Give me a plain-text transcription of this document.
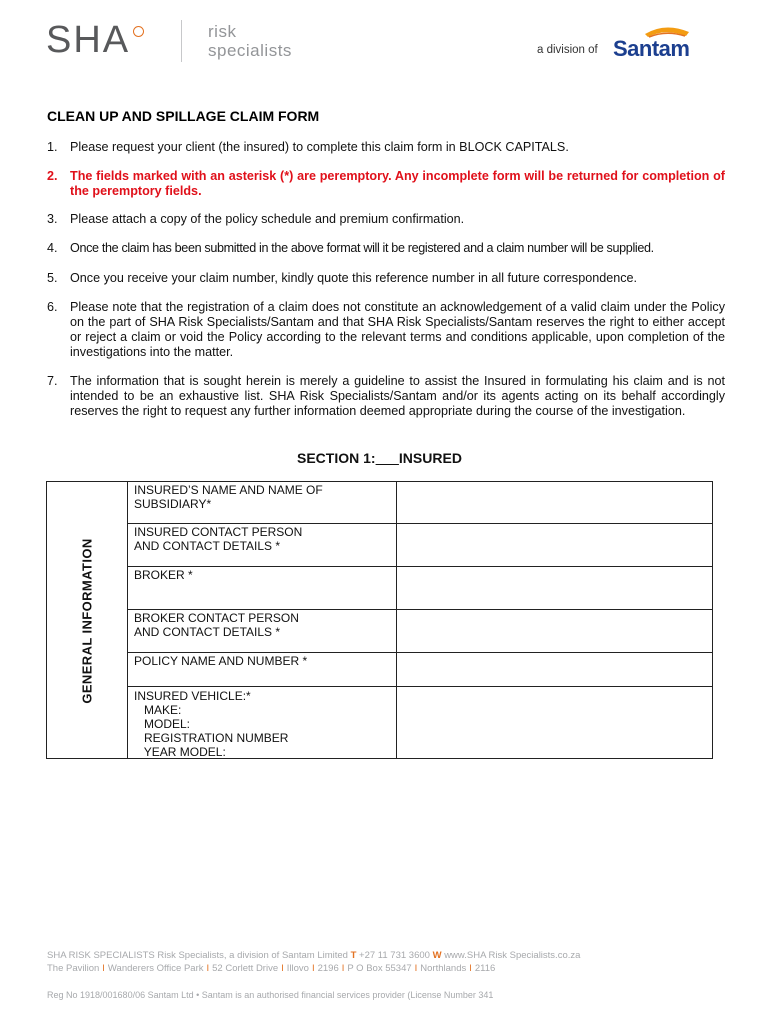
SHA	risk
specialists	a division of Santam
CLEAN UP AND SPILLAGE CLAIM FORM
1. Please request your client (the insured) to complete this claim form in BLOCK CAPITALS.
2. The fields marked with an asterisk (*) are peremptory. Any incomplete form will be returned for completion of the peremptory fields.
3. Please attach a copy of the policy schedule and premium confirmation.
4. Once the claim has been submitted in the above format will it be registered and a claim number will be supplied.
5. Once you receive your claim number, kindly quote this reference number in all future correspondence.
6. Please note that the registration of a claim does not constitute an acknowledgement of a valid claim under the Policy on the part of SHA Risk Specialists/Santam and that SHA Risk Specialists/Santam reserves the right to either accept or reject a claim or void the Policy according to the relevant terms and conditions applicable, upon completion of the investigations into the matter.
7. The information that is sought herein is merely a guideline to assist the Insured in formulating his claim and is not intended to be an exhaustive list. SHA Risk Specialists/Santam and/or its agents acting on its behalf accordingly reserves the right to request any further information deemed appropriate during the course of the investigation.
SECTION 1: INSURED
GENERAL INFORMATION
INSURED’S NAME AND NAME OF
SUBSIDIARY*
INSURED CONTACT PERSON
AND CONTACT DETAILS *
BROKER *
BROKER CONTACT PERSON
AND CONTACT DETAILS *
POLICY NAME AND NUMBER *
INSURED VEHICLE:*
MAKE:
MODEL:
REGISTRATION NUMBER
YEAR MODEL:
SHA RISK SPECIALISTS Risk Specialists, a division of Santam Limited T +27 11 731 3600 W www.SHA Risk Specialists.co.za
The Pavilion I Wanderers Office Park I 52 Corlett Drive I Illovo I 2196 I P O Box 55347 I Northlands I 2116
Reg No 1918/001680/06 Santam Ltd • Santam is an authorised financial services provider (License Number 341
